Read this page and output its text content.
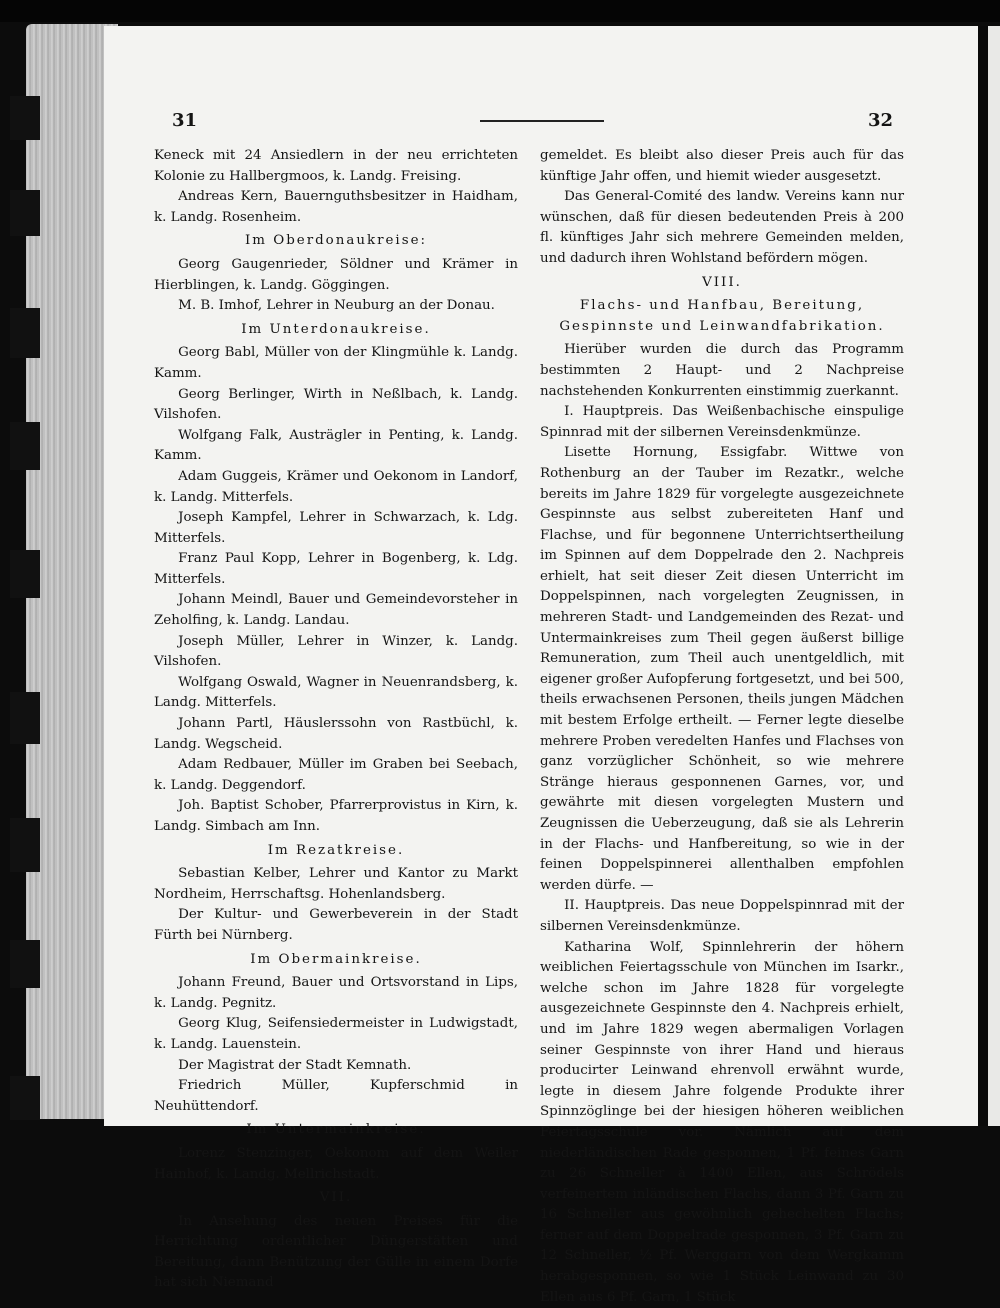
31	32

Keneck mit 24 Ansiedlern in der neu errichteten Kolonie zu Hallbergmoos, k. Landg. Freising.

Andreas Kern, Bauernguthsbesitzer in Haidham, k. Landg. Rosenheim.

Im Oberdonaukreise:

Georg Gaugenrieder, Söldner und Krämer in Hierblingen, k. Landg. Göggingen.

M. B. Imhof, Lehrer in Neuburg an der Donau.

Im Unterdonaukreise.

Georg Babl, Müller von der Klingmühle k. Landg. Kamm.

Georg Berlinger, Wirth in Neßlbach, k. Landg. Vilshofen.

Wolfgang Falk, Austrägler in Penting, k. Landg. Kamm.

Adam Guggeis, Krämer und Oekonom in Landorf, k. Landg. Mitterfels.

Joseph Kampfel, Lehrer in Schwarzach, k. Ldg. Mitterfels.

Franz Paul Kopp, Lehrer in Bogenberg, k. Ldg. Mitterfels.

Johann Meindl, Bauer und Gemeindevorsteher in Zeholfing, k. Landg. Landau.

Joseph Müller, Lehrer in Winzer, k. Landg. Vilshofen.

Wolfgang Oswald, Wagner in Neuenrandsberg, k. Landg. Mitterfels.

Johann Partl, Häuslerssohn von Rastbüchl, k. Landg. Wegscheid.

Adam Redbauer, Müller im Graben bei Seebach, k. Landg. Deggendorf.

Joh. Baptist Schober, Pfarrerprovistus in Kirn, k. Landg. Simbach am Inn.

Im Rezatkreise.

Sebastian Kelber, Lehrer und Kantor zu Markt Nordheim, Herrschaftsg. Hohenlandsberg.

Der Kultur- und Gewerbeverein in der Stadt Fürth bei Nürnberg.

Im Obermainkreise.

Johann Freund, Bauer und Ortsvorstand in Lips, k. Landg. Pegnitz.

Georg Klug, Seifensiedermeister in Ludwigstadt, k. Landg. Lauenstein.

Der Magistrat der Stadt Kemnath.

Friedrich Müller, Kupferschmid in Neuhüttendorf.

Im Untermainkreise.

Lorenz Stenzinger, Oekonom auf dem Weiler Hainhof, k. Landg. Mellrichstadt.

VII.

In Ansehung des neuen Preises für die Herrichtung ordentlicher Düngerstätten und Bereitung, dann Benützung der Gülle in einem Dorfe hat sich Niemand

gemeldet. Es bleibt also dieser Preis auch für das künftige Jahr offen, und hiemit wieder ausgesetzt.

Das General-Comité des landw. Vereins kann nur wünschen, daß für diesen bedeutenden Preis à 200 fl. künftiges Jahr sich mehrere Gemeinden melden, und dadurch ihren Wohlstand befördern mögen.

VIII.

Flachs- und Hanfbau, Bereitung, Gespinnste und Leinwandfabrikation.

Hierüber wurden die durch das Programm bestimmten 2 Haupt- und 2 Nachpreise nachstehenden Konkurrenten einstimmig zuerkannt.

I. Hauptpreis. Das Weißenbachische einspulige Spinnrad mit der silbernen Vereinsdenkmünze.

Lisette Hornung, Essigfabr. Wittwe von Rothenburg an der Tauber im Rezatkr., welche bereits im Jahre 1829 für vorgelegte ausgezeichnete Gespinnste aus selbst zubereiteten Hanf und Flachse, und für begonnene Unterrichtsertheilung im Spinnen auf dem Doppelrade den 2. Nachpreis erhielt, hat seit dieser Zeit diesen Unterricht im Doppelspinnen, nach vorgelegten Zeugnissen, in mehreren Stadt- und Landgemeinden des Rezat- und Untermainkreises zum Theil gegen äußerst billige Remuneration, zum Theil auch unentgeldlich, mit eigener großer Aufopferung fortgesetzt, und bei 500, theils erwachsenen Personen, theils jungen Mädchen mit bestem Erfolge ertheilt. — Ferner legte dieselbe mehrere Proben veredelten Hanfes und Flachses von ganz vorzüglicher Schönheit, so wie mehrere Stränge hieraus gesponnenen Garnes, vor, und gewährte mit diesen vorgelegten Mustern und Zeugnissen die Ueberzeugung, daß sie als Lehrerin in der Flachs- und Hanfbereitung, so wie in der feinen Doppelspinnerei allenthalben empfohlen werden dürfe. —

II. Hauptpreis. Das neue Doppelspinnrad mit der silbernen Vereinsdenkmünze.

Katharina Wolf, Spinnlehrerin der höhern weiblichen Feiertagsschule von München im Isarkr., welche schon im Jahre 1828 für vorgelegte ausgezeichnete Gespinnste den 4. Nachpreis erhielt, und im Jahre 1829 wegen abermaligen Vorlagen seiner Gespinnste von ihrer Hand und hieraus producirter Leinwand ehrenvoll erwähnt wurde, legte in diesem Jahre folgende Produkte ihrer Spinnzöglinge bei der hiesigen höheren weiblichen Feiertagsschule vor. Nämlich auf dem niederländischen Rade gesponnen, 1 Pf. feines Garn zu 26 Schneller à 1400 Ellen, aus Schrödels verfeinertem inländischen Flachs, dann 3 Pf. Garn zu 16 Schneller aus gewöhnlich gehechelten Flachs; ferner auf dem Doppelrade gesponnen, 3 Pf. Garn zu 12 Schneller, ½ Pf. Werggarn von dem Wergkamm herabgesponnen, so wie 1 Stück Leinwand zu 30 Ellen aus 6 Pf. Garn, 1 Stück
